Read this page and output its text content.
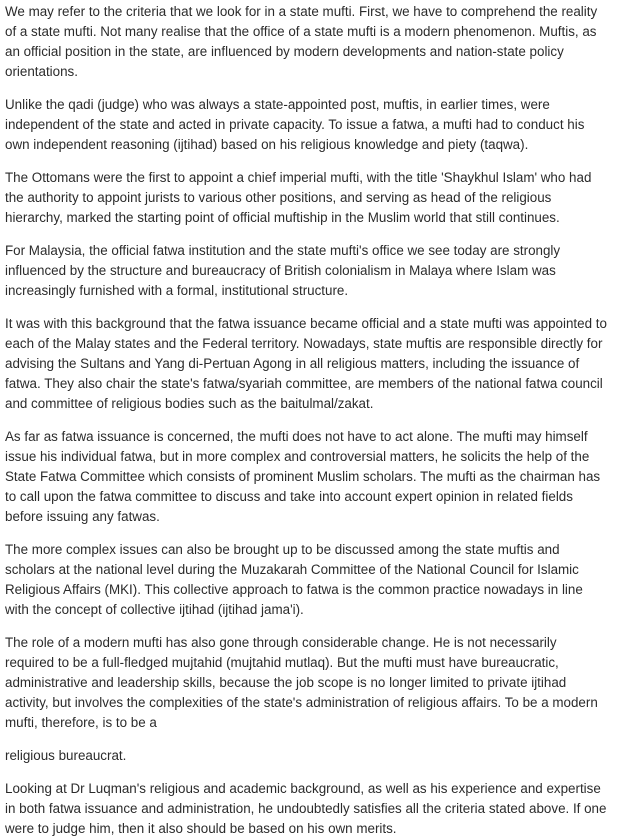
We may refer to the criteria that we look for in a state mufti. First, we have to comprehend the reality of a state mufti. Not many realise that the office of a state mufti is a modern phenomenon. Muftis, as an official position in the state, are influenced by modern developments and nation-state policy orientations.

Unlike the qadi (judge) who was always a state-appointed post, muftis, in earlier times, were independent of the state and acted in private capacity. To issue a fatwa, a mufti had to conduct his own independent reasoning (ijtihad) based on his religious knowledge and piety (taqwa).

The Ottomans were the first to appoint a chief imperial mufti, with the title 'Shaykhul Islam' who had the authority to appoint jurists to various other positions, and serving as head of the religious hierarchy, marked the starting point of official muftiship in the Muslim world that still continues.

For Malaysia, the official fatwa institution and the state mufti's office we see today are strongly influenced by the structure and bureaucracy of British colonialism in Malaya where Islam was increasingly furnished with a formal, institutional structure.

It was with this background that the fatwa issuance became official and a state mufti was appointed to each of the Malay states and the Federal territory. Nowadays, state muftis are responsible directly for advising the Sultans and Yang di-Pertuan Agong in all religious matters, including the issuance of fatwa. They also chair the state's fatwa/syariah committee, are members of the national fatwa council and committee of religious bodies such as the baitulmal/zakat.

As far as fatwa issuance is concerned, the mufti does not have to act alone. The mufti may himself issue his individual fatwa, but in more complex and controversial matters, he solicits the help of the State Fatwa Committee which consists of prominent Muslim scholars. The mufti as the chairman has to call upon the fatwa committee to discuss and take into account expert opinion in related fields before issuing any fatwas.

The more complex issues can also be brought up to be discussed among the state muftis and scholars at the national level during the Muzakarah Committee of the National Council for Islamic Religious Affairs (MKI). This collective approach to fatwa is the common practice nowadays in line with the concept of collective ijtihad (ijtihad jama'i).

The role of a modern mufti has also gone through considerable change. He is not necessarily required to be a full-fledged mujtahid (mujtahid mutlaq). But the mufti must have bureaucratic, administrative and leadership skills, because the job scope is no longer limited to private ijtihad activity, but involves the complexities of the state's administration of religious affairs. To be a modern mufti, therefore, is to be a

religious bureaucrat.

Looking at Dr Luqman's religious and academic background, as well as his experience and expertise in both fatwa issuance and administration, he undoubtedly satisfies all the criteria stated above. If one were to judge him, then it also should be based on his own merits.
